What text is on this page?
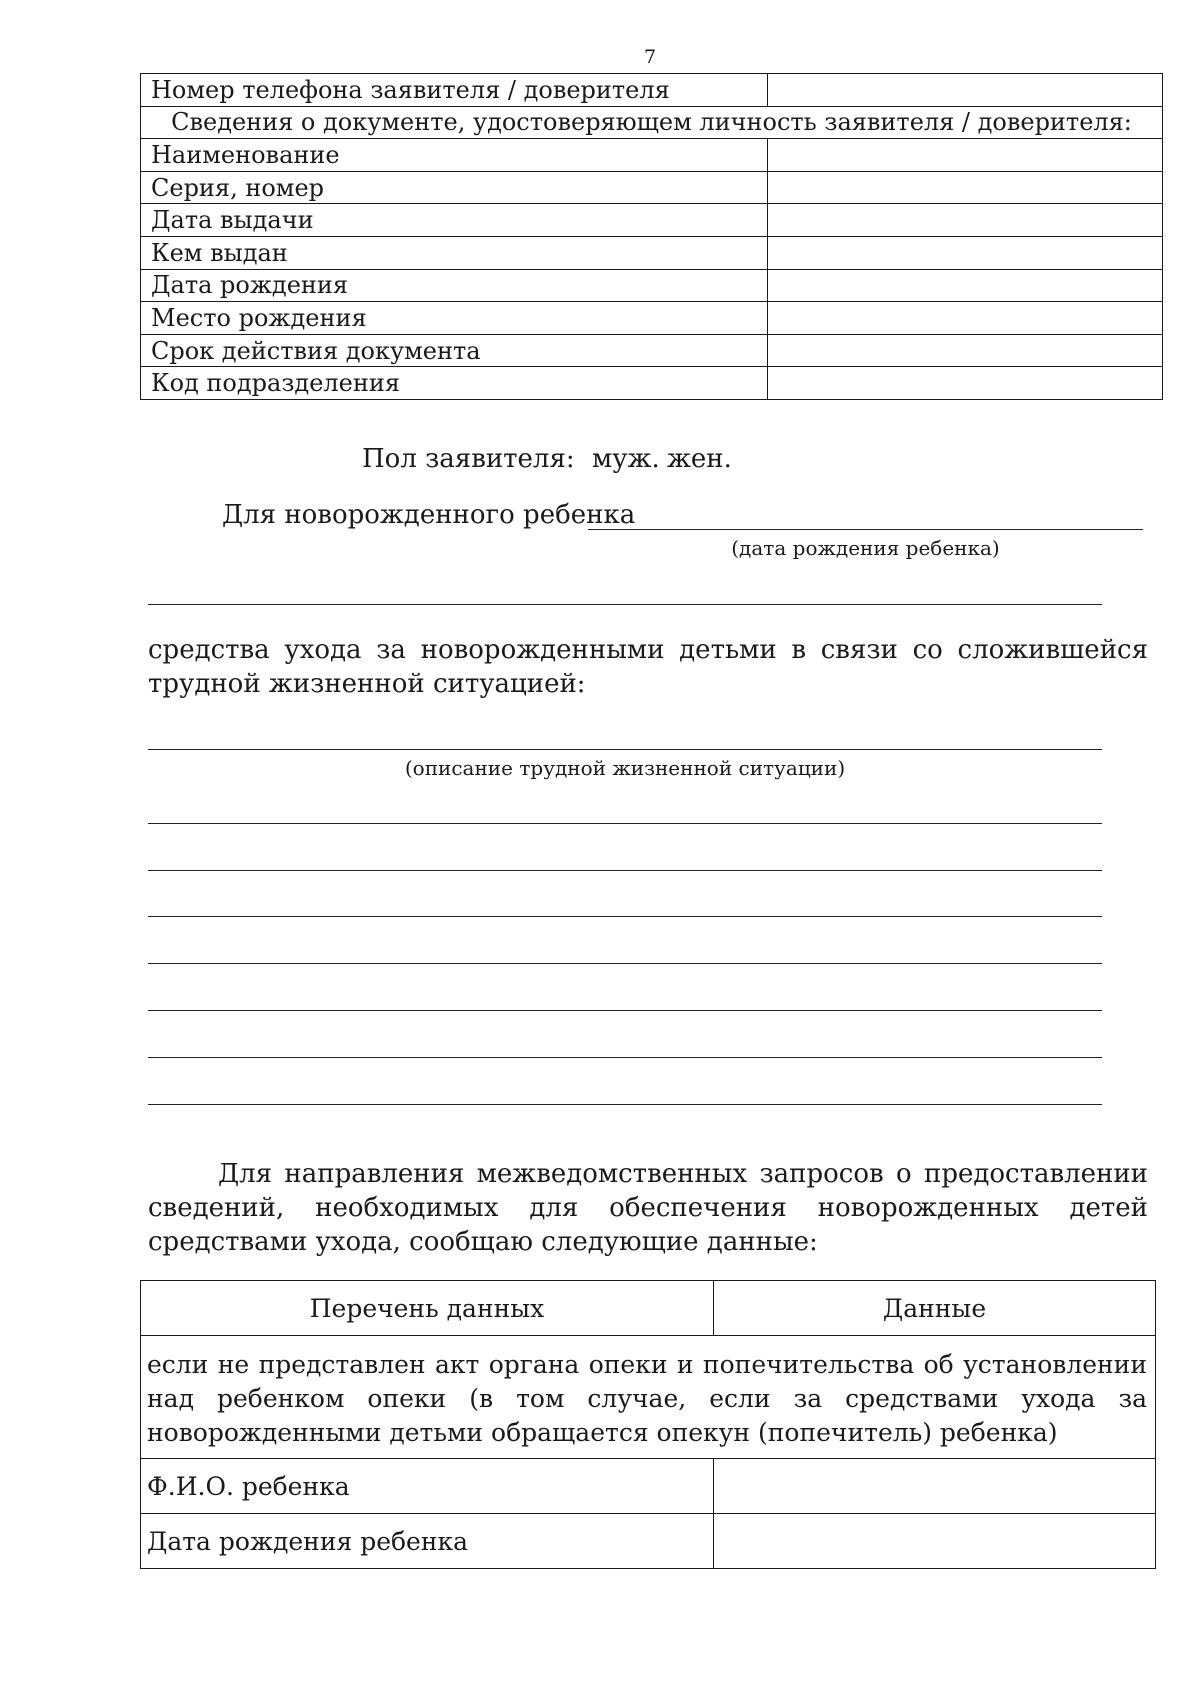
7
Номер телефона заявителя / доверителя	
Сведения о документе, удостоверяющем личность заявителя / доверителя:	
Наименование	
Серия, номер	
Дата выдачи	
Кем выдан	
Дата рождения	
Место рождения	
Срок действия документа	
Код подразделения	
Пол заявителя: муж. жен.
Для новорожденного ребенка
(дата рождения ребенка)
средства ухода за новорожденными детьми в связи со сложившейся трудной жизненной ситуацией:
(описание трудной жизненной ситуации)
Для направления межведомственных запросов о предоставлении сведений, необходимых для обеспечения новорожденных детей средствами ухода, сообщаю следующие данные:
Перечень данных	Данные
если не представлен акт органа опеки и попечительства об установлении над ребенком опеки (в том случае, если за средствами ухода за новорожденными детьми обращается опекун (попечитель) ребенка)	
Ф.И.О. ребенка	
Дата рождения ребенка	
